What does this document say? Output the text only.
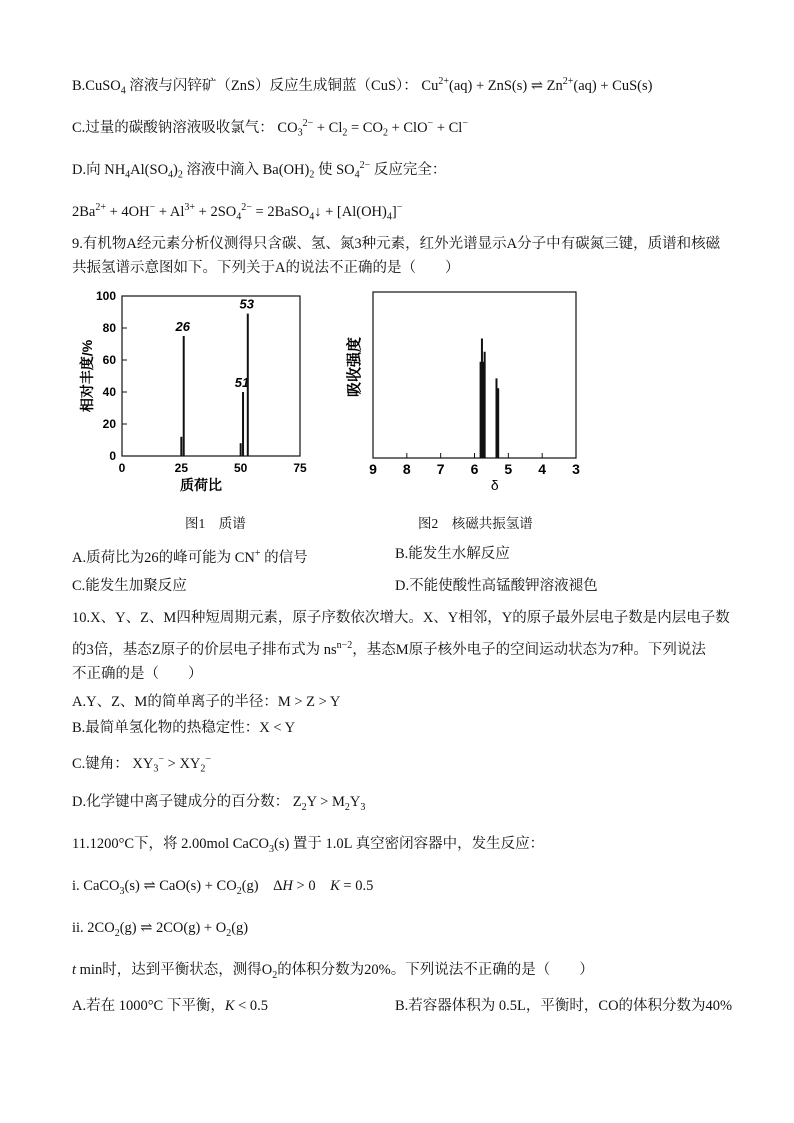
B.CuSO$_4$ 溶液与闪锌矿（ZnS）反应生成铜蓝（CuS）： $Cu^{2+}(aq) + ZnS(s)$ ⇌ $Zn^{2+}(aq) + CuS(s)$
C.过量的碳酸钠溶液吸收氯气： $CO_3^{2-} + Cl_2 = CO_2 + ClO^- + Cl^-$
D.向 $NH_4Al(SO_4)_2$ 溶液中滴入 $Ba(OH)_2$ 使 $SO_4^{2-}$ 反应完全：
$2Ba^{2+} + 4OH^- + Al^{3+} + 2SO_4^{2-}$ = 2BaSO$_4$↓ + $[Al(OH)_4]^-$
9.有机物A经元素分析仪测得只含碳、氢、氮3种元素，红外光谱显示A分子中有碳氮三键，质谱和核磁
共振氢谱示意图如下。下列关于A的说法不正确的是（　　）
0
20
40
60
80
100
0	25	50	75
质荷比
相对丰度/%
26
51
53
图1　质谱
9 8 7 6 5 4 3
δ
吸收强度
图2　核磁共振氢谱
A.质荷比为26的峰可能为 CN+ 的信号	B.能发生水解反应
C.能发生加聚反应	D.不能使酸性高锰酸钾溶液褪色
10.X、Y、Z、M四种短周期元素，原子序数依次增大。X、Y相邻，Y的原子最外层电子数是内层电子数
的3倍，基态Z原子的价层电子排布式为 $ns^{n-2}$，基态M原子核外电子的空间运动状态为7种。下列说法
不正确的是（　　）
A.Y、Z、M的简单离子的半径：M > Z > Y
B.最简单氢化物的热稳定性：X < Y
C.键角： $XY_3^- > XY_2^-$
D.化学键中离子键成分的百分数： $Z_2Y > M_2Y_3$
11.1200°C下，将 2.00mol CaCO$_3$(s) 置于 1.0L 真空密闭容器中，发生反应：
i. CaCO$_3$(s) ⇌ $CaO(s) + CO_2(g)$    ΔH > 0    K = 0.5
ii. $2CO_2(g)$ ⇌ $2CO(g) + O_2(g)$
t min时，达到平衡状态，测得$O_2$的体积分数为20%。下列说法不正确的是（　　）
A.若在 1000°C 下平衡，K < 0.5	B.若容器体积为 0.5L，平衡时，CO的体积分数为40%
